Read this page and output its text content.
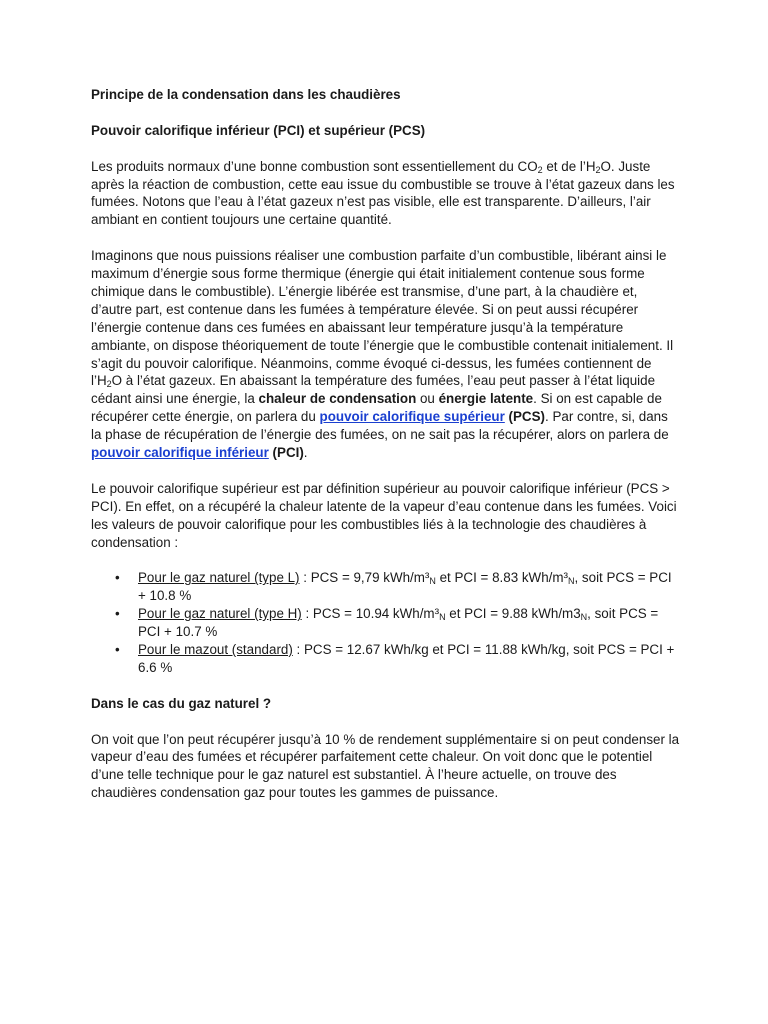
Principe de la condensation dans les chaudières
Pouvoir calorifique inférieur (PCI) et supérieur (PCS)

Les produits normaux d’une bonne combustion sont essentiellement du $CO_2$ et de $l’H_2O$. Juste après la réaction de combustion, cette eau issue du combustible se trouve à l’état gazeux dans les fumées. Notons que l’eau à l’état gazeux n’est pas visible, elle est transparente. D’ailleurs, l’air ambiant en contient toujours une certaine quantité.

Imaginons que nous puissions réaliser une combustion parfaite d’un combustible, libérant ainsi le maximum d’énergie sous forme thermique (énergie qui était initialement contenue sous forme chimique dans le combustible). L’énergie libérée est transmise, d’une part, à la chaudière et, d’autre part, est contenue dans les fumées à température élevée. Si on peut aussi récupérer l’énergie contenue dans ces fumées en abaissant leur température jusqu’à la température ambiante, on dispose théoriquement de toute l’énergie que le combustible contenait initialement. Il s’agit du pouvoir calorifique. Néanmoins, comme évoqué ci-dessus, les fumées contiennent de $l’H_2O$ à l’état gazeux. En abaissant la température des fumées, l’eau peut passer à l’état liquide cédant ainsi une énergie, la chaleur de condensation ou énergie latente. Si on est capable de récupérer cette énergie, on parlera du pouvoir calorifique supérieur (PCS). Par contre, si, dans la phase de récupération de l’énergie des fumées, on ne sait pas la récupérer, alors on parlera de pouvoir calorifique inférieur (PCI).

Le pouvoir calorifique supérieur est par définition supérieur au pouvoir calorifique inférieur (PCS > PCI). En effet, on a récupéré la chaleur latente de la vapeur d’eau contenue dans les fumées. Voici les valeurs de pouvoir calorifique pour les combustibles liés à la technologie des chaudières à condensation :

• Pour le gaz naturel (type L) : PCS = 9,79 kWh/$m^3_N$ et PCI = 8.83 kWh/$m^3_N$, soit PCS = PCI + 10.8 %
• Pour le gaz naturel (type H) : PCS = 10.94 kWh/$m^3_N$ et PCI = 9.88 kWh/$m3_N$, soit PCS = PCI + 10.7 %
• Pour le mazout (standard) : PCS = 12.67 kWh/kg et PCI = 11.88 kWh/kg, soit PCS = PCI + 6.6 %
Dans le cas du gaz naturel ?

On voit que l’on peut récupérer jusqu’à 10 % de rendement supplémentaire si on peut condenser la vapeur d’eau des fumées et récupérer parfaitement cette chaleur. On voit donc que le potentiel d’une telle technique pour le gaz naturel est substantiel. À l’heure actuelle, on trouve des chaudières condensation gaz pour toutes les gammes de puissance.
